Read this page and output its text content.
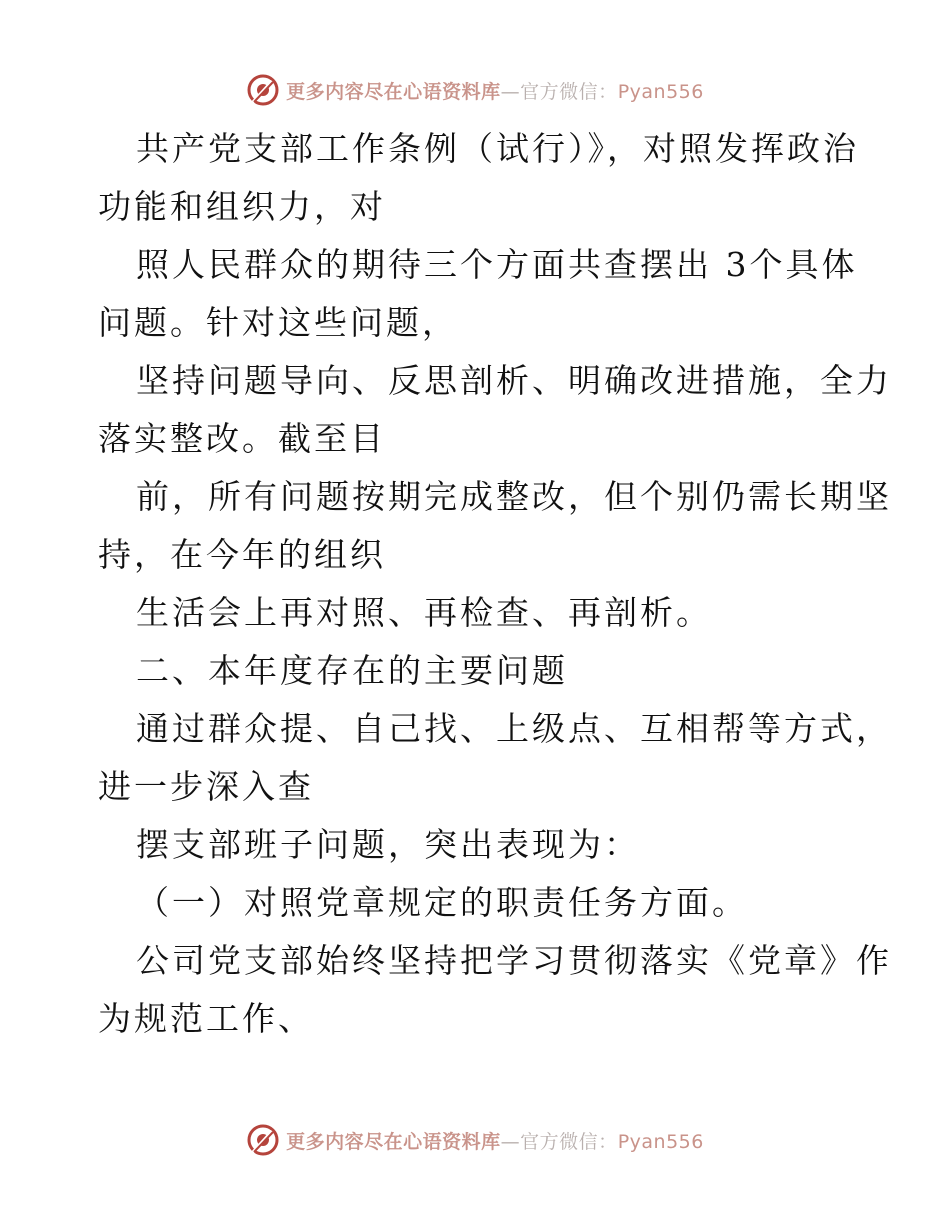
更多内容尽在心语资料库—官方微信：Pyan556
共产党支部工作条例（试行）》，对照发挥政治
功能和组织力，对
照人民群众的期待三个方面共查摆出 3个具体
问题。针对这些问题，
坚持问题导向、反思剖析、明确改进措施，全力
落实整改。截至目
前，所有问题按期完成整改，但个别仍需长期坚
持，在今年的组织
生活会上再对照、再检查、再剖析。
二、本年度存在的主要问题
通过群众提、自己找、上级点、互相帮等方式，
进一步深入查
摆支部班子问题，突出表现为：
（一）对照党章规定的职责任务方面。
公司党支部始终坚持把学习贯彻落实《党章》作
为规范工作、
更多内容尽在心语资料库—官方微信：Pyan556
